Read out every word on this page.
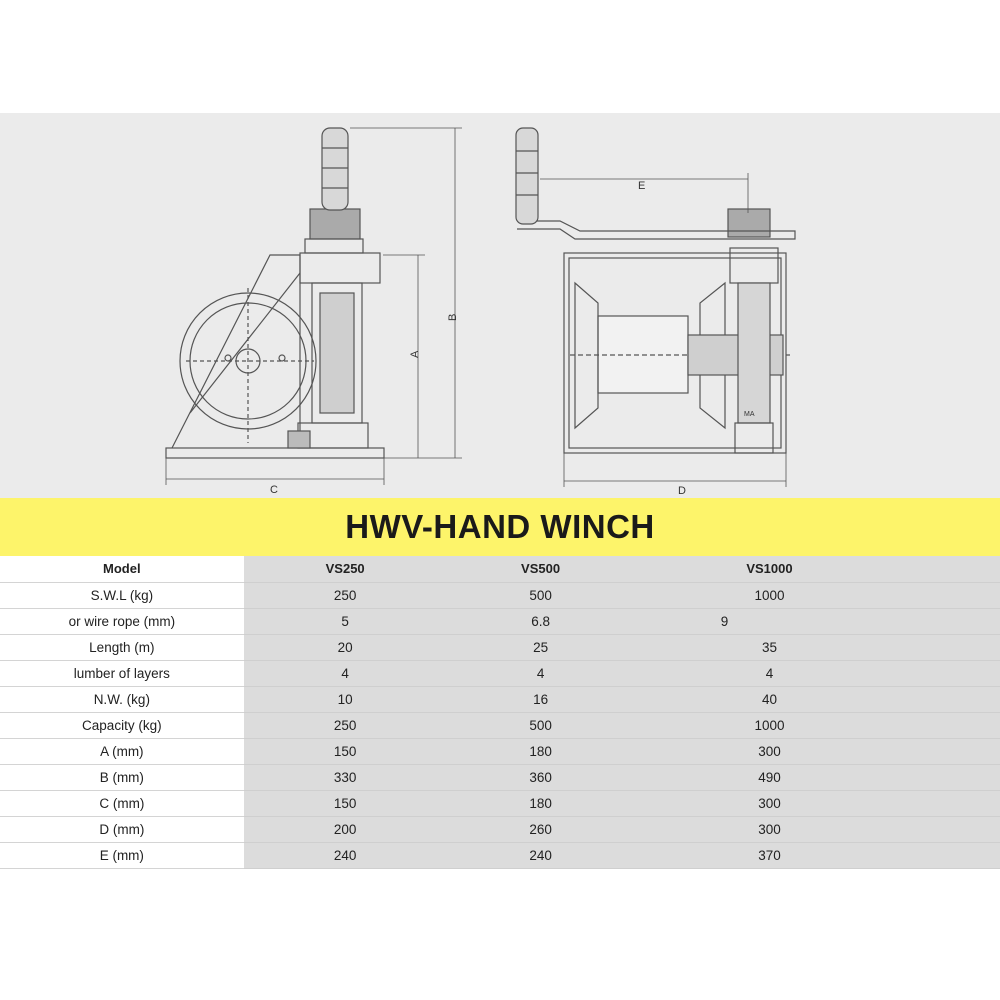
A
B
C	D
E
MA
HWV-HAND WINCH
Model	VS250	VS500	VS1000
S.W.L (kg)	250	500	1000
or wire rope (mm)	5	6.8	9
Length (m)	20	25	35
lumber of layers	4	4	4
N.W. (kg)	10	16	40
Capacity (kg)	250	500	1000
A (mm)	150	180	300
B (mm)	330	360	490
C (mm)	150	180	300
D (mm)	200	260	300
E (mm)	240	240	370
